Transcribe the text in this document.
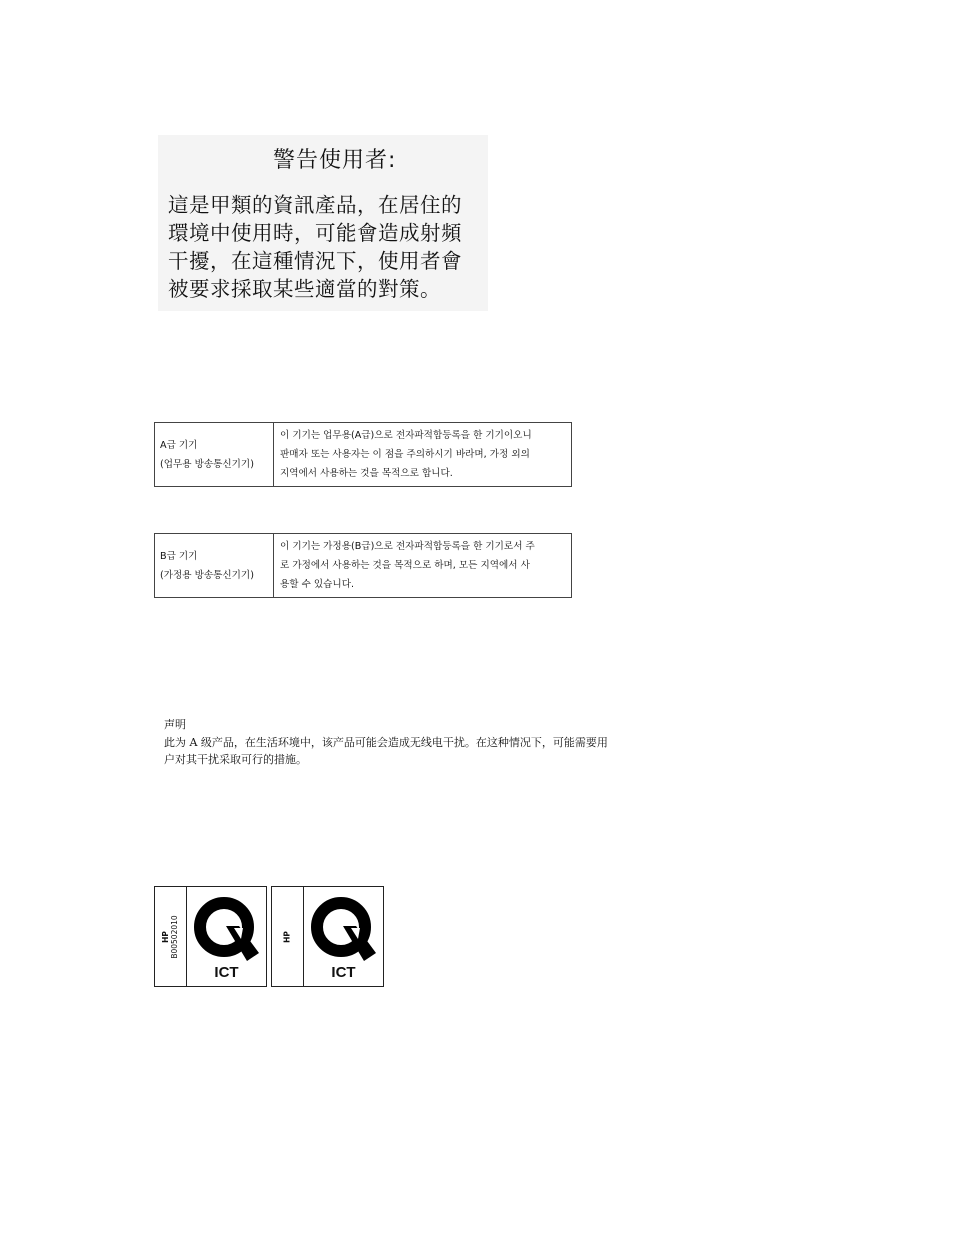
警告使用者:
這是甲類的資訊產品，在居住的
環境中使用時，可能會造成射頻
干擾，在這種情況下，使用者會
被要求採取某些適當的對策。
A급 기기
(업무용 방송통신기기)

이 기기는 업무용(A급)으로 전자파적합등록을 한 기기이오니
판매자 또는 사용자는 이 점을 주의하시기 바라며, 가정 외의
지역에서 사용하는 것을 목적으로 합니다.
B급 기기
(가정용 방송통신기기)

이 기기는 가정용(B급)으로 전자파적합등록을 한 기기로서 주
로 가정에서 사용하는 것을 목적으로 하며, 모든 지역에서 사
용할 수 있습니다.
声明
此为 A 级产品，在生活环境中，该产品可能会造成无线电干扰。在这种情况下，可能需要用
户对其干扰采取可行的措施。
HP B00502010
ICT
HP
ICT
